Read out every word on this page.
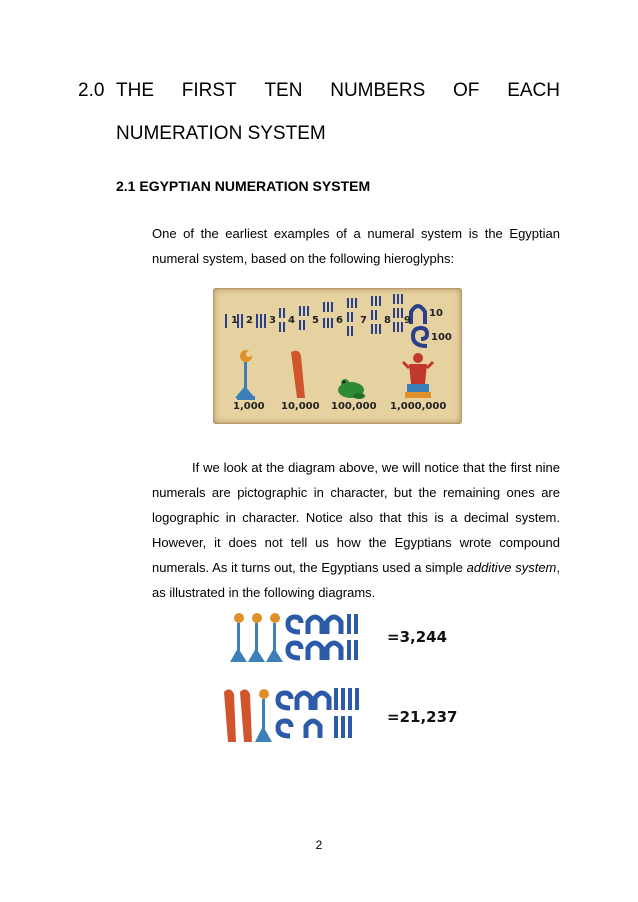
2.0 THE FIRST TEN NUMBERS OF EACH
NUMERATION SYSTEM
2.1 EGYPTIAN NUMERATION SYSTEM
One of the earliest examples of a numeral system is the Egyptian numeral system, based on the following hieroglyphs:
1 2 3 4 5 6 7 8 9
10
100
1,000 10,000 100,000 1,000,000
If we look at the diagram above, we will notice that the first nine numerals are pictographic in character, but the remaining ones are logographic in character. Notice also that this is a decimal system. However, it does not tell us how the Egyptians wrote compound numerals. As it turns out, the Egyptians used a simple additive system, as illustrated in the following diagrams.
=3,244
=21,237
2
